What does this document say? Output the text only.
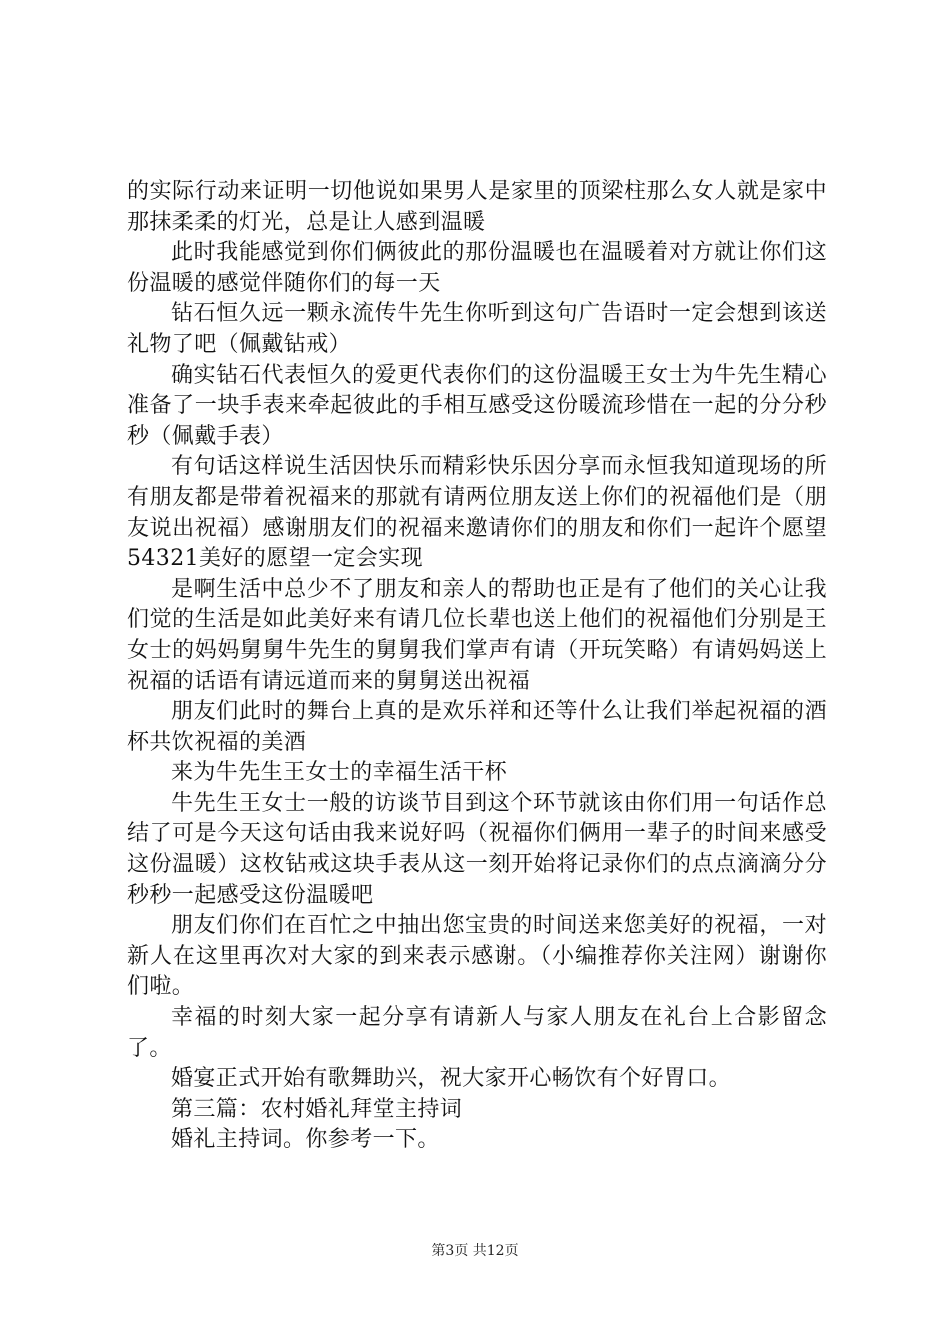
的实际行动来证明一切他说如果男人是家里的顶梁柱那么女人就是家中那抹柔柔的灯光，总是让人感到温暖

此时我能感觉到你们俩彼此的那份温暖也在温暖着对方就让你们这份温暖的感觉伴随你们的每一天

钻石恒久远一颗永流传牛先生你听到这句广告语时一定会想到该送礼物了吧（佩戴钻戒）

确实钻石代表恒久的爱更代表你们的这份温暖王女士为牛先生精心准备了一块手表来牵起彼此的手相互感受这份暖流珍惜在一起的分分秒秒（佩戴手表）

有句话这样说生活因快乐而精彩快乐因分享而永恒我知道现场的所有朋友都是带着祝福来的那就有请两位朋友送上你们的祝福他们是（朋友说出祝福）感谢朋友们的祝福来邀请你们的朋友和你们一起许个愿望54321美好的愿望一定会实现

是啊生活中总少不了朋友和亲人的帮助也正是有了他们的关心让我们觉的生活是如此美好来有请几位长辈也送上他们的祝福他们分别是王女士的妈妈舅舅牛先生的舅舅我们掌声有请（开玩笑略）有请妈妈送上祝福的话语有请远道而来的舅舅送出祝福

朋友们此时的舞台上真的是欢乐祥和还等什么让我们举起祝福的酒杯共饮祝福的美酒

来为牛先生王女士的幸福生活干杯

牛先生王女士一般的访谈节目到这个环节就该由你们用一句话作总结了可是今天这句话由我来说好吗（祝福你们俩用一辈子的时间来感受这份温暖）这枚钻戒这块手表从这一刻开始将记录你们的点点滴滴分分秒秒一起感受这份温暖吧

朋友们你们在百忙之中抽出您宝贵的时间送来您美好的祝福，一对新人在这里再次对大家的到来表示感谢。（小编推荐你关注网）谢谢你们啦。

幸福的时刻大家一起分享有请新人与家人朋友在礼台上合影留念了。

婚宴正式开始有歌舞助兴，祝大家开心畅饮有个好胃口。

第三篇：农村婚礼拜堂主持词

婚礼主持词。你参考一下。

第3页 共12页
